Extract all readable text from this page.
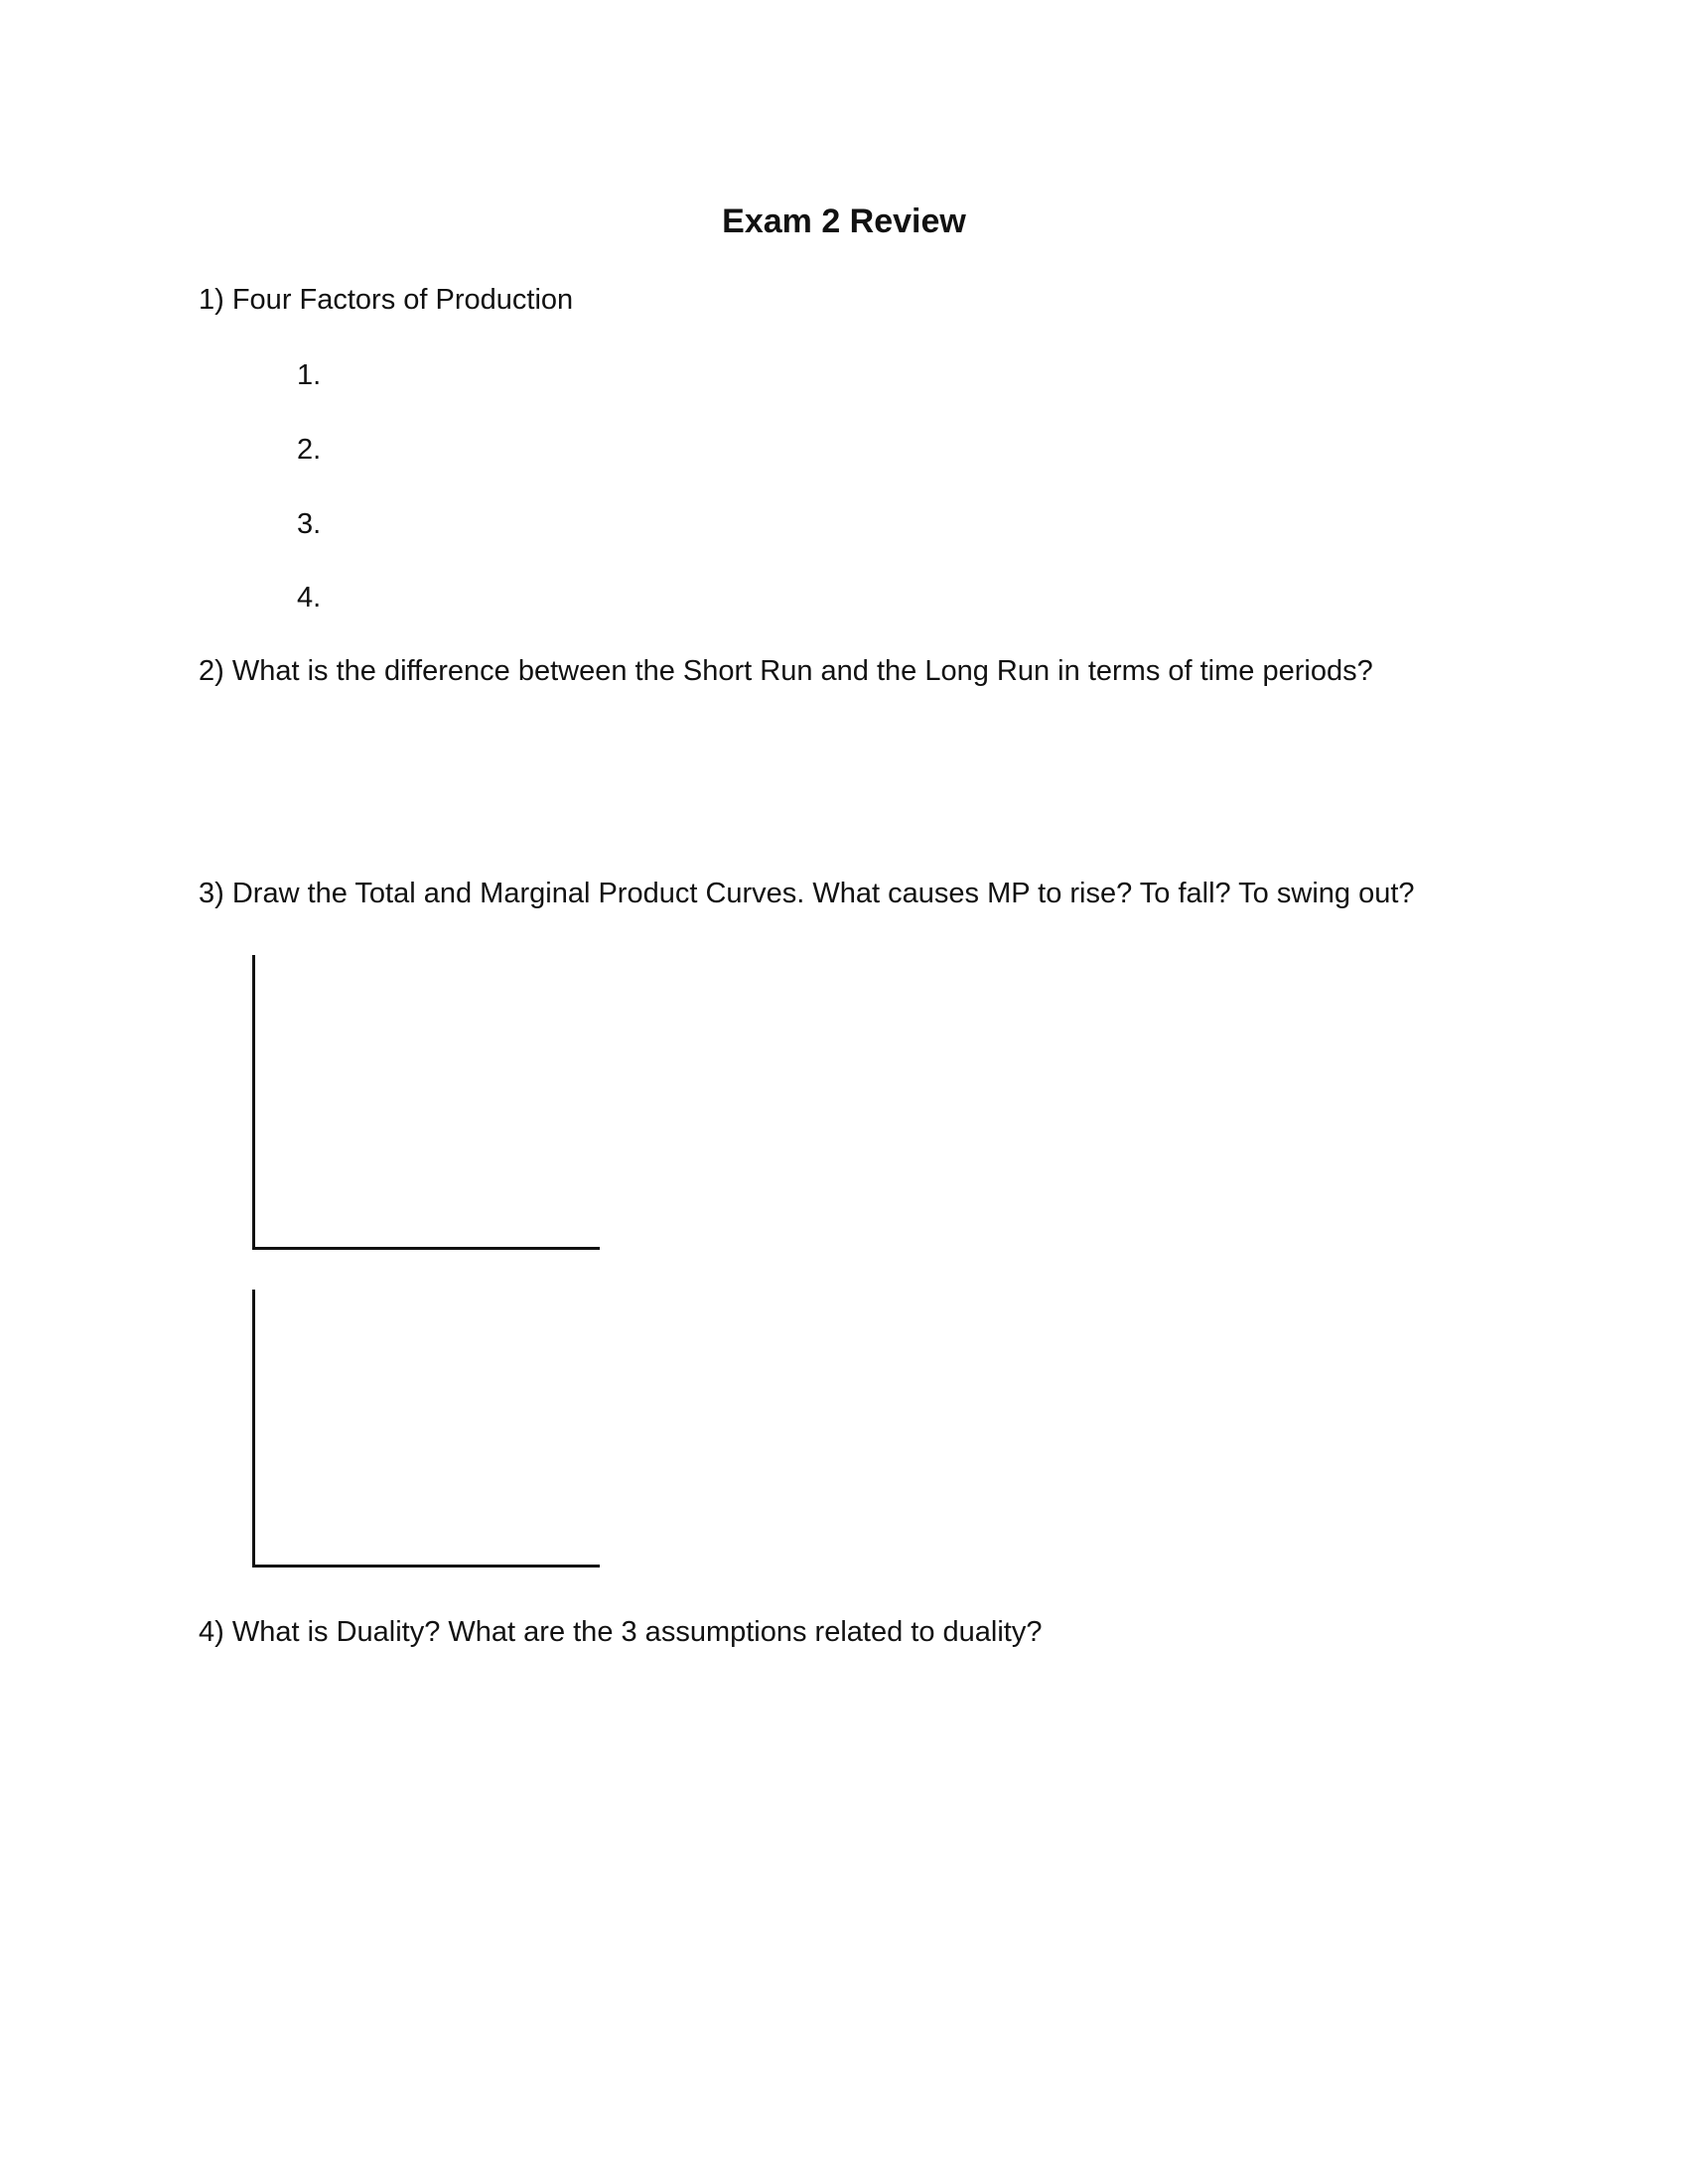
Exam 2 Review
1) Four Factors of Production
1.
2.
3.
4.
2) What is the difference between the Short Run and the Long Run in terms of time periods?
3) Draw the Total and Marginal Product Curves. What causes MP to rise? To fall? To swing out?
4) What is Duality? What are the 3 assumptions related to duality?
